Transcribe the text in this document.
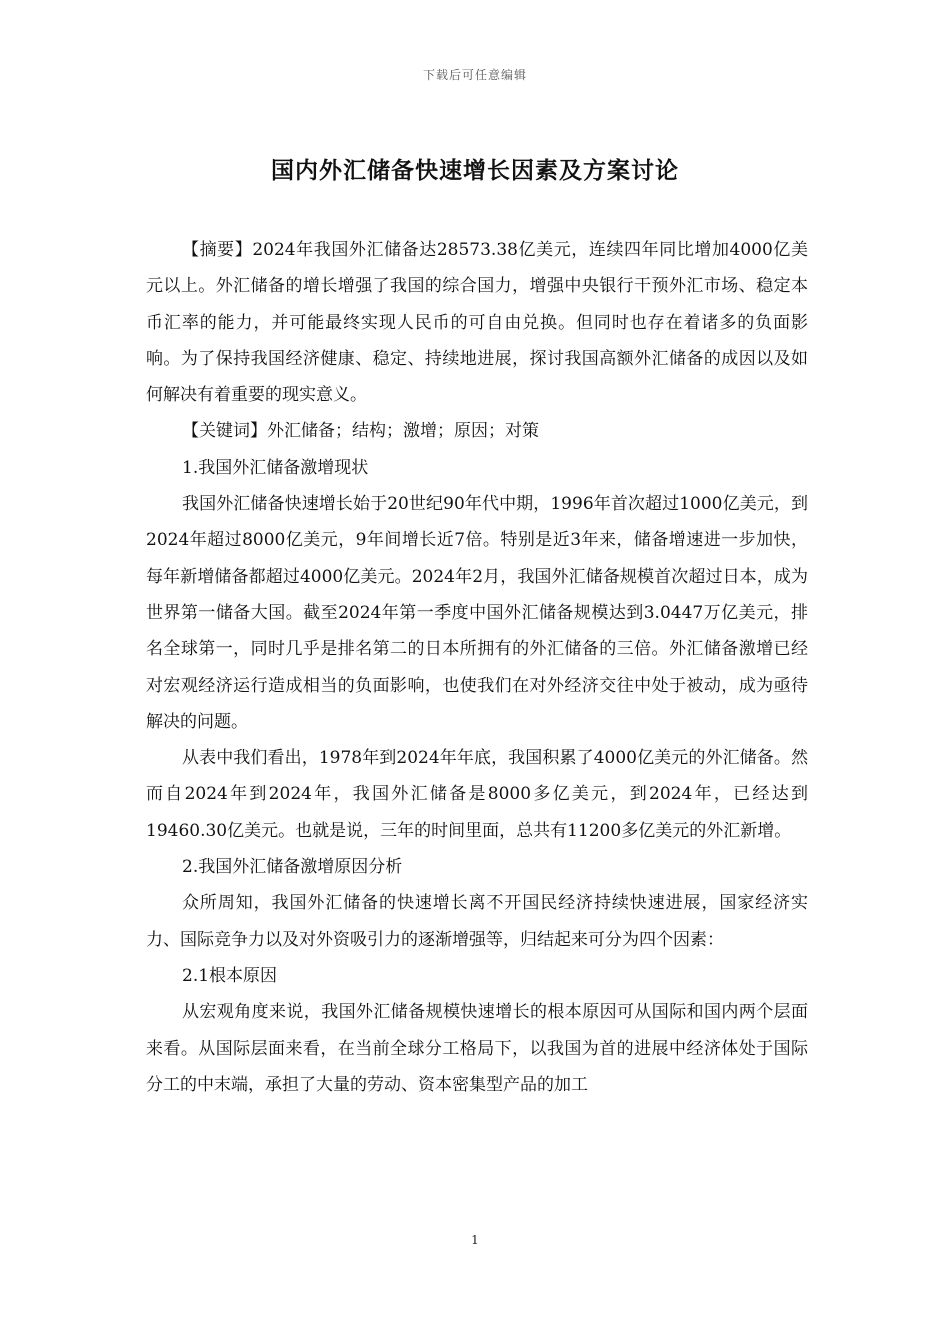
下载后可任意编辑
国内外汇储备快速增长因素及方案讨论

【摘要】2024年我国外汇储备达28573.38亿美元，连续四年同比增加4000亿美元以上。外汇储备的增长增强了我国的综合国力，增强中央银行干预外汇市场、稳定本币汇率的能力，并可能最终实现人民币的可自由兑换。但同时也存在着诸多的负面影响。为了保持我国经济健康、稳定、持续地进展，探讨我国高额外汇储备的成因以及如何解决有着重要的现实意义。

【关键词】外汇储备；结构；激增；原因；对策

1.我国外汇储备激增现状

我国外汇储备快速增长始于20世纪90年代中期，1996年首次超过1000亿美元，到2024年超过8000亿美元，9年间增长近7倍。特别是近3年来，储备增速进一步加快，每年新增储备都超过4000亿美元。2024年2月，我国外汇储备规模首次超过日本，成为世界第一储备大国。截至2024年第一季度中国外汇储备规模达到3.0447万亿美元，排名全球第一，同时几乎是排名第二的日本所拥有的外汇储备的三倍。外汇储备激增已经对宏观经济运行造成相当的负面影响，也使我们在对外经济交往中处于被动，成为亟待解决的问题。

从表中我们看出，1978年到2024年年底，我国积累了4000亿美元的外汇储备。然而自2024年到2024年，我国外汇储备是8000多亿美元，到2024年，已经达到19460.30亿美元。也就是说，三年的时间里面，总共有11200多亿美元的外汇新增。

2.我国外汇储备激增原因分析

众所周知，我国外汇储备的快速增长离不开国民经济持续快速进展，国家经济实力、国际竞争力以及对外资吸引力的逐渐增强等，归结起来可分为四个因素：

2.1根本原因

从宏观角度来说，我国外汇储备规模快速增长的根本原因可从国际和国内两个层面来看。从国际层面来看，在当前全球分工格局下，以我国为首的进展中经济体处于国际分工的中末端，承担了大量的劳动、资本密集型产品的加工

1
